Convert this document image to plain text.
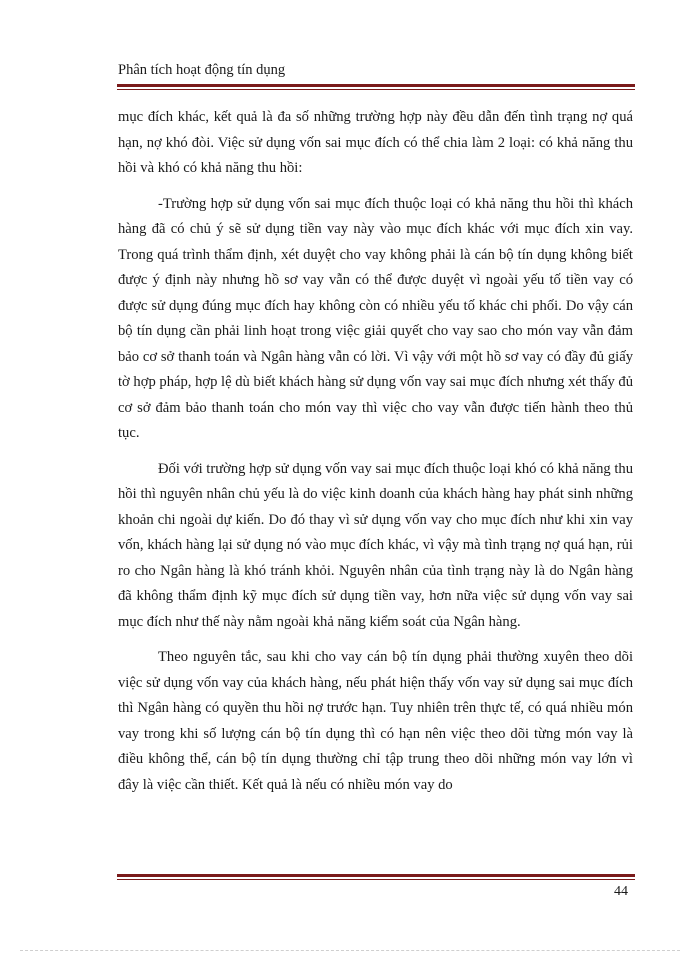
Phân tích hoạt động tín dụng

mục đích khác, kết quả là đa số những trường hợp này đều dẫn đến tình trạng nợ quá hạn, nợ khó đòi. Việc sử dụng vốn sai mục đích có thể chia làm 2 loại: có khả năng thu hồi và khó có khả năng thu hồi:

-Trường hợp sử dụng vốn sai mục đích thuộc loại có khả năng thu hồi thì khách hàng đã có chủ ý sẽ sử dụng tiền vay này vào mục đích khác với mục đích xin vay. Trong quá trình thẩm định, xét duyệt cho vay không phải là cán bộ tín dụng không biết được ý định này nhưng hồ sơ vay vẫn có thể được duyệt vì ngoài yếu tố tiền vay có được sử dụng đúng mục đích hay không còn có nhiều yếu tố khác chi phối. Do vậy cán bộ tín dụng cần phải linh hoạt trong việc giải quyết cho vay sao cho món vay vẫn đảm bảo cơ sở thanh toán và Ngân hàng vẫn có lời. Vì vậy với một hồ sơ vay có đầy đủ giấy tờ hợp pháp, hợp lệ dù biết khách hàng sử dụng vốn vay sai mục đích nhưng xét thấy đủ cơ sở đảm bảo thanh toán cho món vay thì việc cho vay vẫn được tiến hành theo thủ tục.

Đối với trường hợp sử dụng vốn vay sai mục đích thuộc loại khó có khả năng thu hồi thì nguyên nhân chủ yếu là do việc kinh doanh của khách hàng hay phát sinh những khoản chi ngoài dự kiến. Do đó thay vì sử dụng vốn vay cho mục đích như khi xin vay vốn, khách hàng lại sử dụng nó vào mục đích khác, vì vậy mà tình trạng nợ quá hạn, rủi ro cho Ngân hàng là khó tránh khỏi. Nguyên nhân của tình trạng này là do Ngân hàng đã không thẩm định kỹ mục đích sử dụng tiền vay, hơn nữa việc sử dụng vốn vay sai mục đích như thế này nằm ngoài khả năng kiểm soát của Ngân hàng.

Theo nguyên tắc, sau khi cho vay cán bộ tín dụng phải thường xuyên theo dõi việc sử dụng vốn vay của khách hàng, nếu phát hiện thấy vốn vay sử dụng sai mục đích thì Ngân hàng có quyền thu hồi nợ trước hạn. Tuy nhiên trên thực tế, có quá nhiều món vay trong khi số lượng cán bộ tín dụng thì có hạn nên việc theo dõi từng món vay là điều không thể, cán bộ tín dụng thường chỉ tập trung theo dõi những món vay lớn vì đây là việc cần thiết. Kết quả là nếu có nhiều món vay do

44
